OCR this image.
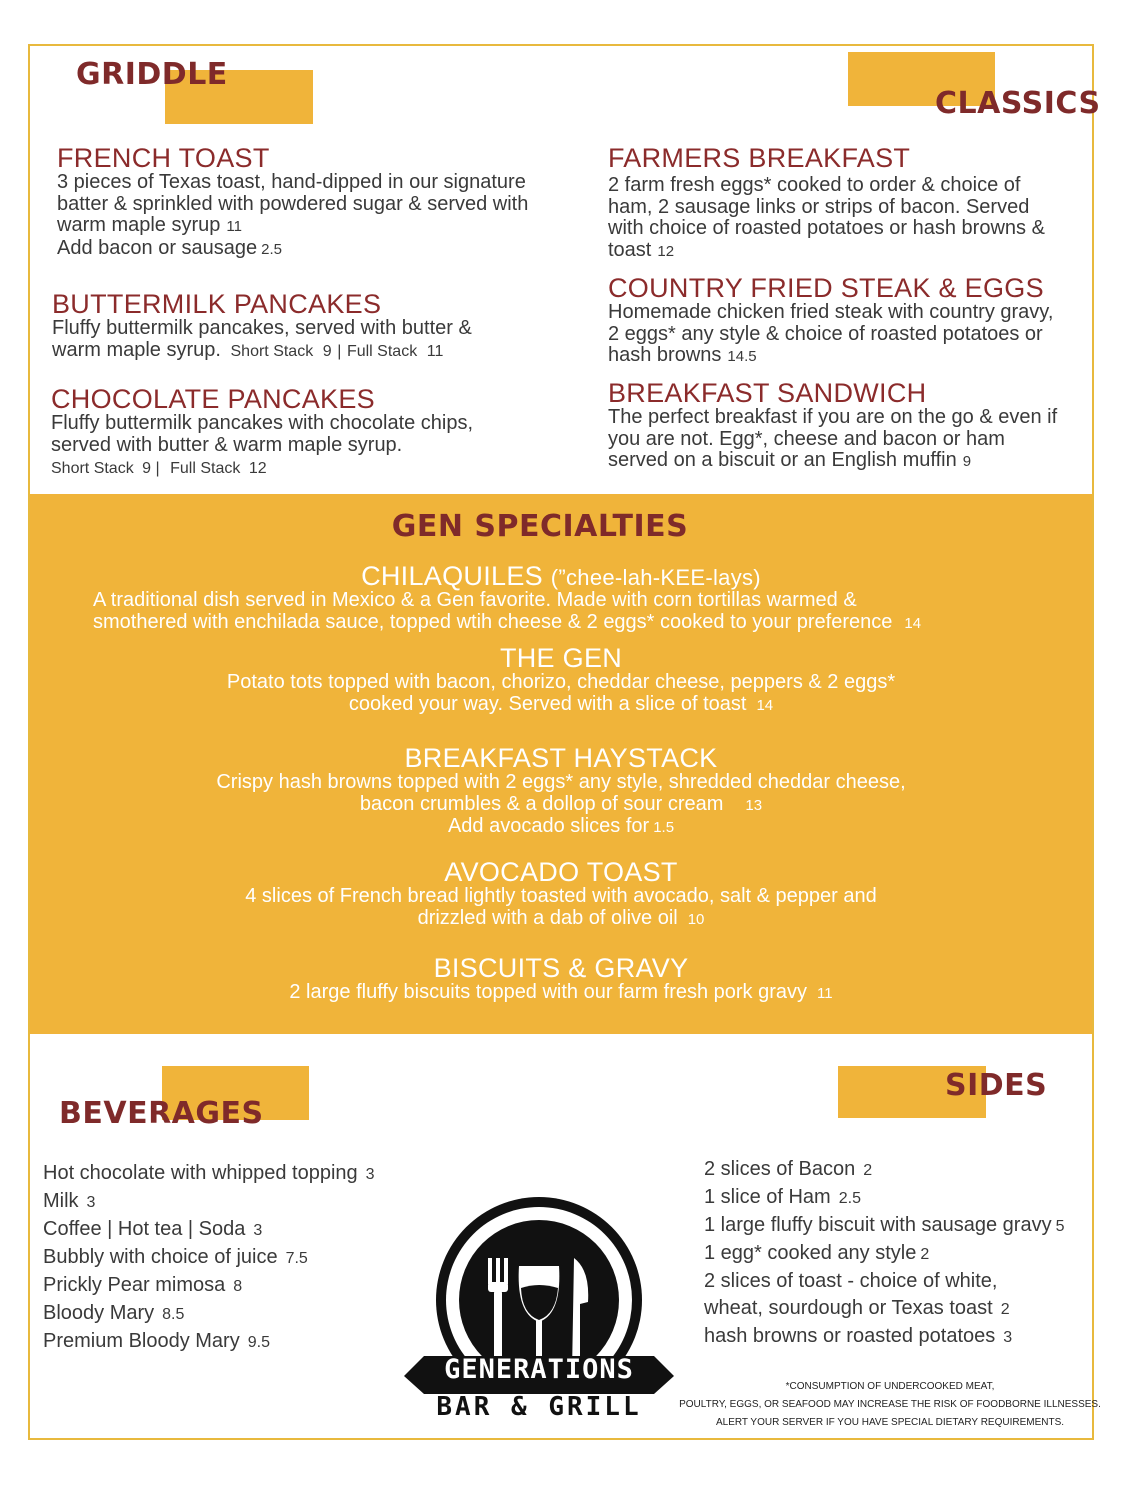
GRIDDLE
FRENCH TOAST
3 pieces of Texas toast, hand-dipped in our signature
batter & sprinkled with powdered sugar & served with
warm maple syrup 11
Add bacon or sausage 2.5
BUTTERMILK PANCAKES
Fluffy buttermilk pancakes, served with butter &
warm maple syrup. Short Stack 9 | Full Stack 11
CHOCOLATE PANCAKES
Fluffy buttermilk pancakes with chocolate chips,
served with butter & warm maple syrup.
Short Stack 9 | Full Stack 12
CLASSICS
FARMERS BREAKFAST
2 farm fresh eggs* cooked to order & choice of
ham, 2 sausage links or strips of bacon. Served
with choice of roasted potatoes or hash browns &
toast 12
COUNTRY FRIED STEAK & EGGS
Homemade chicken fried steak with country gravy,
2 eggs* any style & choice of roasted potatoes or
hash browns 14.5
BREAKFAST SANDWICH
The perfect breakfast if you are on the go & even if
you are not. Egg*, cheese and bacon or ham
served on a biscuit or an English muffin 9
GEN SPECIALTIES
CHILAQUILES (”chee-lah-KEE-lays)
A traditional dish served in Mexico & a Gen favorite. Made with corn tortillas warmed &
smothered with enchilada sauce, topped wtih cheese & 2 eggs* cooked to your preference 14
THE GEN
Potato tots topped with bacon, chorizo, cheddar cheese, peppers & 2 eggs*
cooked your way. Served with a slice of toast 14
BREAKFAST HAYSTACK
Crispy hash browns topped with 2 eggs* any style, shredded cheddar cheese,
bacon crumbles & a dollop of sour cream 13
Add avocado slices for 1.5
AVOCADO TOAST
4 slices of French bread lightly toasted with avocado, salt & pepper and
drizzled with a dab of olive oil 10
BISCUITS & GRAVY
2 large fluffy biscuits topped with our farm fresh pork gravy 11
BEVERAGES
Hot chocolate with whipped topping 3
Milk 3
Coffee | Hot tea | Soda 3
Bubbly with choice of juice 7.5
Prickly Pear mimosa 8
Bloody Mary 8.5
Premium Bloody Mary 9.5
SIDES
2 slices of Bacon 2
1 slice of Ham 2.5
1 large fluffy biscuit with sausage gravy 5
1 egg* cooked any style 2
2 slices of toast - choice of white,
wheat, sourdough or Texas toast 2
hash browns or roasted potatoes 3
GENERATIONS
BAR & GRILL
*CONSUMPTION OF UNDERCOOKED MEAT,
POULTRY, EGGS, OR SEAFOOD MAY INCREASE THE RISK OF FOODBORNE ILLNESSES.
ALERT YOUR SERVER IF YOU HAVE SPECIAL DIETARY REQUIREMENTS.
